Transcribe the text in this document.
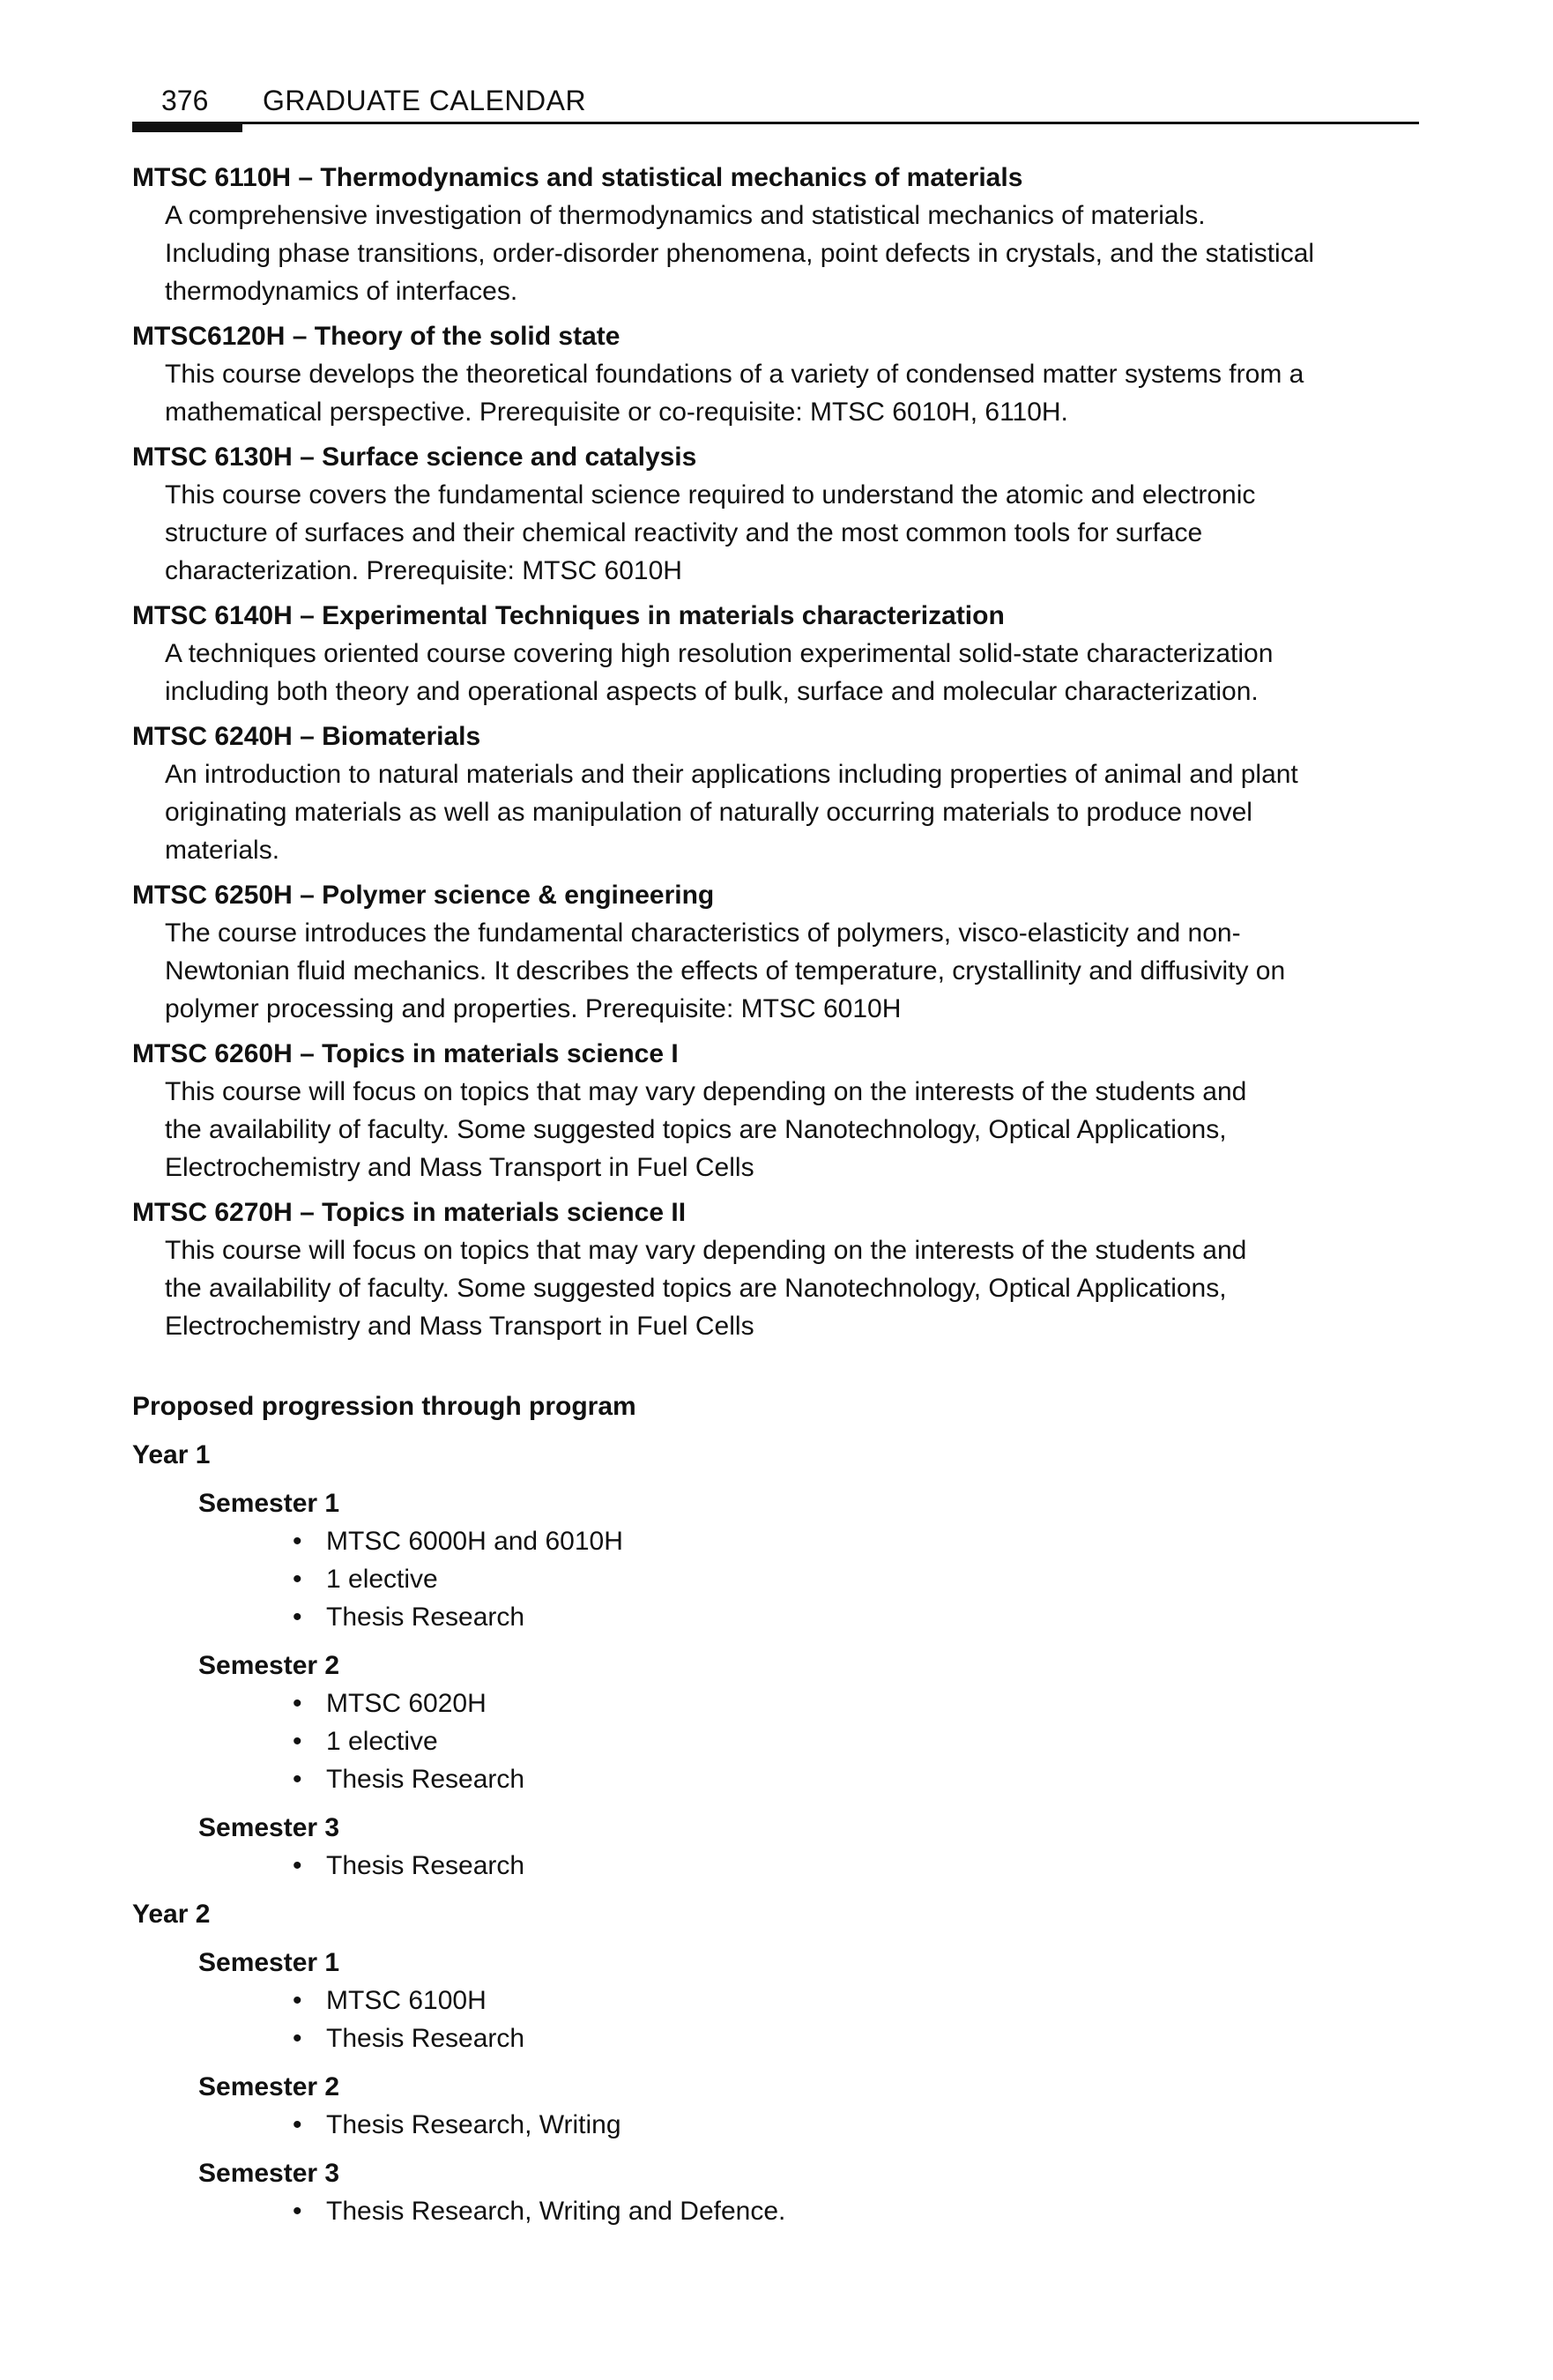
376 GRADUATE CALENDAR

MTSC 6110H – Thermodynamics and statistical mechanics of materials

A comprehensive investigation of thermodynamics and statistical mechanics of materials.
Including phase transitions, order-disorder phenomena, point defects in crystals, and the statistical
thermodynamics of interfaces.

MTSC6120H – Theory of the solid state

This course develops the theoretical foundations of a variety of condensed matter systems from a
mathematical perspective. Prerequisite or co-requisite: MTSC 6010H, 6110H.

MTSC 6130H – Surface science and catalysis

This course covers the fundamental science required to understand the atomic and electronic
structure of surfaces and their chemical reactivity and the most common tools for surface
characterization. Prerequisite: MTSC 6010H

MTSC 6140H – Experimental Techniques in materials characterization

A techniques oriented course covering high resolution experimental solid-state characterization
including both theory and operational aspects of bulk, surface and molecular characterization.

MTSC 6240H – Biomaterials

An introduction to natural materials and their applications including properties of animal and plant
originating materials as well as manipulation of naturally occurring materials to produce novel
materials.

MTSC 6250H – Polymer science & engineering

The course introduces the fundamental characteristics of polymers, visco-elasticity and non-
Newtonian fluid mechanics. It describes the effects of temperature, crystallinity and diffusivity on
polymer processing and properties. Prerequisite: MTSC 6010H

MTSC 6260H – Topics in materials science I

This course will focus on topics that may vary depending on the interests of the students and
the availability of faculty. Some suggested topics are Nanotechnology, Optical Applications,
Electrochemistry and Mass Transport in Fuel Cells

MTSC 6270H – Topics in materials science II

This course will focus on topics that may vary depending on the interests of the students and
the availability of faculty. Some suggested topics are Nanotechnology, Optical Applications,
Electrochemistry and Mass Transport in Fuel Cells

Proposed progression through program

Year 1

Semester 1

• MTSC 6000H and 6010H
• 1 elective
• Thesis Research

Semester 2

• MTSC 6020H
• 1 elective
• Thesis Research

Semester 3

• Thesis Research

Year 2

Semester 1

• MTSC 6100H
• Thesis Research

Semester 2

• Thesis Research, Writing

Semester 3

• Thesis Research, Writing and Defence.
